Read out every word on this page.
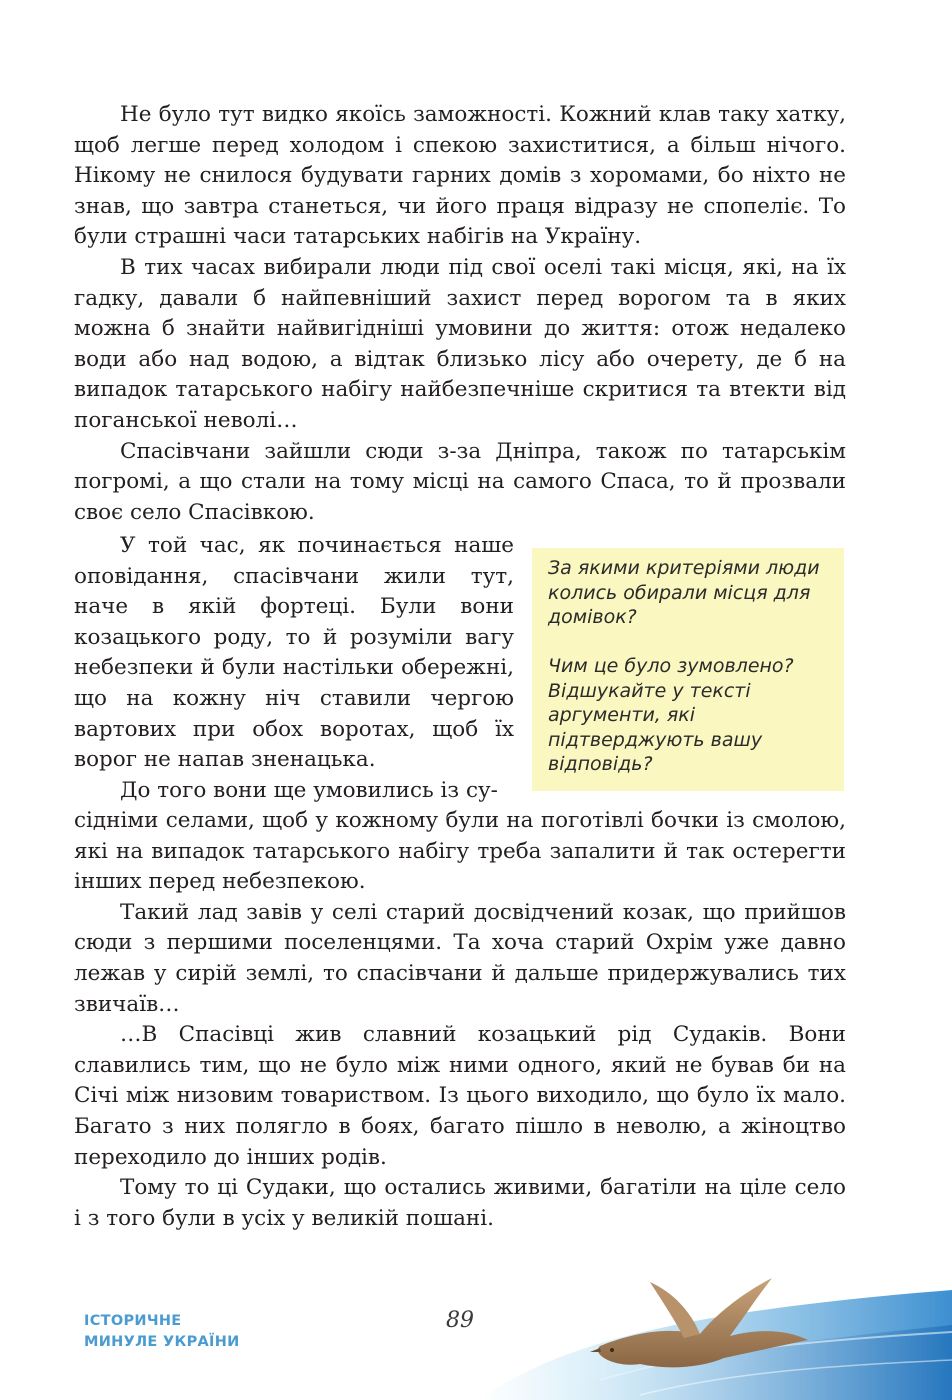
Не було тут видко якоїсь заможності. Кожний клав таку хатку, щоб легше перед холодом і спекою захиститися, а більш нічого. Нікому не снилося будувати гарних домів з хоромами, бо ніхто не знав, що завтра станеться, чи його праця відразу не спопеліє. То були страшні часи татарських набігів на Україну.

В тих часах вибирали люди під свої оселі такі місця, які, на їх гадку, давали б найпевніший захист перед ворогом та в яких можна б знайти найвигідніші умовини до життя: отож недалеко води або над водою, а відтак близько лісу або очерету, де б на випадок татарського набігу найбезпечніше скритися та втекти від поганської неволі…

Спасівчани зайшли сюди з-за Дніпра, також по татарськім погромі, а що стали на тому місці на самого Спаса, то й прозвали своє село Спасівкою.

У той час, як починається наше оповідання, спасівчани жили тут, наче в якій фортеці. Були вони козацького роду, то й розуміли вагу небезпеки й були настільки обережні, що на кожну ніч ставили чергою вартових при обох воротах, щоб їх ворог не напав зненацька.

До того вони ще умовились із су-

За якими критеріями люди колись обирали місця для домівок?

Чим це було зумовлено? Відшукайте у тексті аргументи, які підтверджують вашу відповідь?

сідніми селами, щоб у кожному були на поготівлі бочки із смолою, які на випадок татарського набігу треба запалити й так остерегти інших перед небезпекою.

Такий лад завів у селі старий досвідчений козак, що прийшов сюди з першими поселенцями. Та хоча старий Охрім уже давно лежав у сирій землі, то спасівчани й дальше придержувались тих звичаїв…

…В Спасівці жив славний козацький рід Судаків. Вони славились тим, що не було між ними одного, який не бував би на Січі між низовим товариством. Із цього виходило, що було їх мало. Багато з них полягло в боях, багато пішло в неволю, а жіноцтво переходило до інших родів.

Тому то ці Судаки, що остались живими, багатіли на ціле село і з того були в усіх у великій пошані.

ІСТОРИЧНЕ
МИНУЛЕ УКРАЇНИ
89
